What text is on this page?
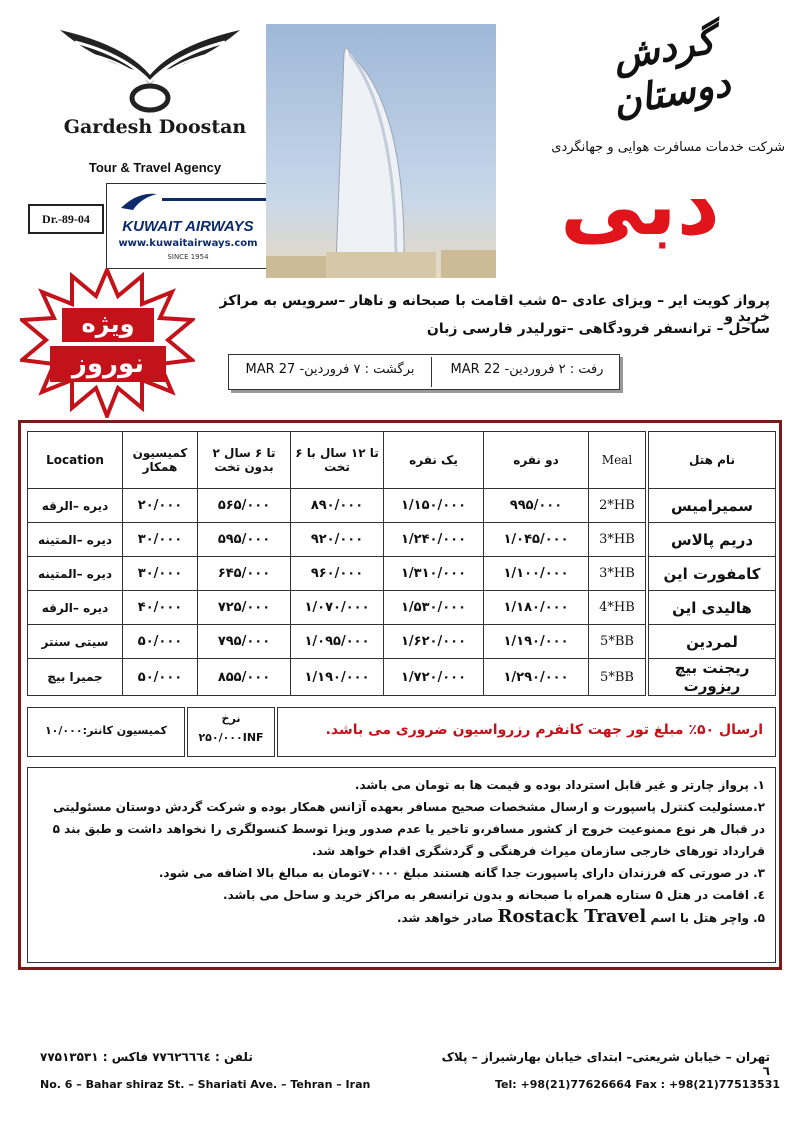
Gardesh Doostan
Tour & Travel Agency
Dr.-89-04	KUWAIT AIRWAYS
www.kuwaitairways.com
SINCE 1954
گردش دوستان
شرکت خدمات مسافرت هوایی و جهانگردی
دبی
ویژه
نوروز
پرواز کویت ایر – ویزای عادی –۵ شب اقامت با صبحانه و ناهار –سرویس به مراکز خرید و
ساحل – ترانسفر فرودگاهی –تورلیدر فارسی زبان
برگشت : ۷ فروردین- 27 MAR	رفت : ۲ فروردین- 22 MAR
Location	کمیسیون همکار	۲ تا ۶ سال بدون تخت	۶ تا ۱۲ سال با تخت	یک نفره	دو نفره	Meal	نام هتل
دیره –الرقه	۲۰/۰۰۰	۵۶۵/۰۰۰	۸۹۰/۰۰۰	۱/۱۵۰/۰۰۰	۹۹۵/۰۰۰	2*HB	سمیرامیس
دیره –المتینه	۳۰/۰۰۰	۵۹۵/۰۰۰	۹۲۰/۰۰۰	۱/۲۴۰/۰۰۰	۱/۰۴۵/۰۰۰	3*HB	دریم پالاس
دیره –المتینه	۳۰/۰۰۰	۶۴۵/۰۰۰	۹۶۰/۰۰۰	۱/۳۱۰/۰۰۰	۱/۱۰۰/۰۰۰	3*HB	کامفورت این
دیره –الرقه	۴۰/۰۰۰	۷۲۵/۰۰۰	۱/۰۷۰/۰۰۰	۱/۵۳۰/۰۰۰	۱/۱۸۰/۰۰۰	4*HB	هالیدی این
سیتی سنتر	۵۰/۰۰۰	۷۹۵/۰۰۰	۱/۰۹۵/۰۰۰	۱/۶۲۰/۰۰۰	۱/۱۹۰/۰۰۰	5*BB	لمردین
جمیرا بیچ	۵۰/۰۰۰	۸۵۵/۰۰۰	۱/۱۹۰/۰۰۰	۱/۷۲۰/۰۰۰	۱/۲۹۰/۰۰۰	5*BB	ریجنت بیچ ریزورت
کمیسیون کانتر:۱۰/۰۰۰
نرخ
۲۵۰/۰۰۰INF	ارسال ۵۰٪ مبلغ تور جهت کانفرم رزرواسیون ضروری می باشد.
۱. پرواز چارتر و غیر قابل استرداد بوده و قیمت ها به تومان می باشد.
۲.مسئولیت کنترل پاسپورت و ارسال مشخصات صحیح مسافر بعهده آژانس همکار بوده و شرکت گردش دوستان مسئولیتی در قبال هر نوع ممنوعیت خروج از کشور مسافر،و تاخیر یا عدم صدور ویزا توسط کنسولگری را نخواهد داشت و طبق بند ۵ قرارداد تورهای خارجی سازمان میراث فرهنگی و گردشگری اقدام خواهد شد.
۳. در صورتی که فرزندان دارای پاسپورت جدا گانه هستند مبلغ ۷۰۰۰۰تومان به مبالغ بالا اضافه می شود.
٤. اقامت در هتل ۵ ستاره همراه با صبحانه و بدون ترانسفر به مراکز خرید و ساحل می باشد.
۵. واچر هتل با اسم Rostack Travel صادر خواهد شد.
تلفن : ۷۷٦۲٦٦٦٤ فاکس : ۷۷۵۱۳۵۳۱	تهران – خیابان شریعتی– ابتدای خیابان بهارشیراز – پلاک ٦
No. 6 – Bahar shiraz St. – Shariati Ave. – Tehran – Iran	Tel: +98(21)77626664 Fax : +98(21)77513531
